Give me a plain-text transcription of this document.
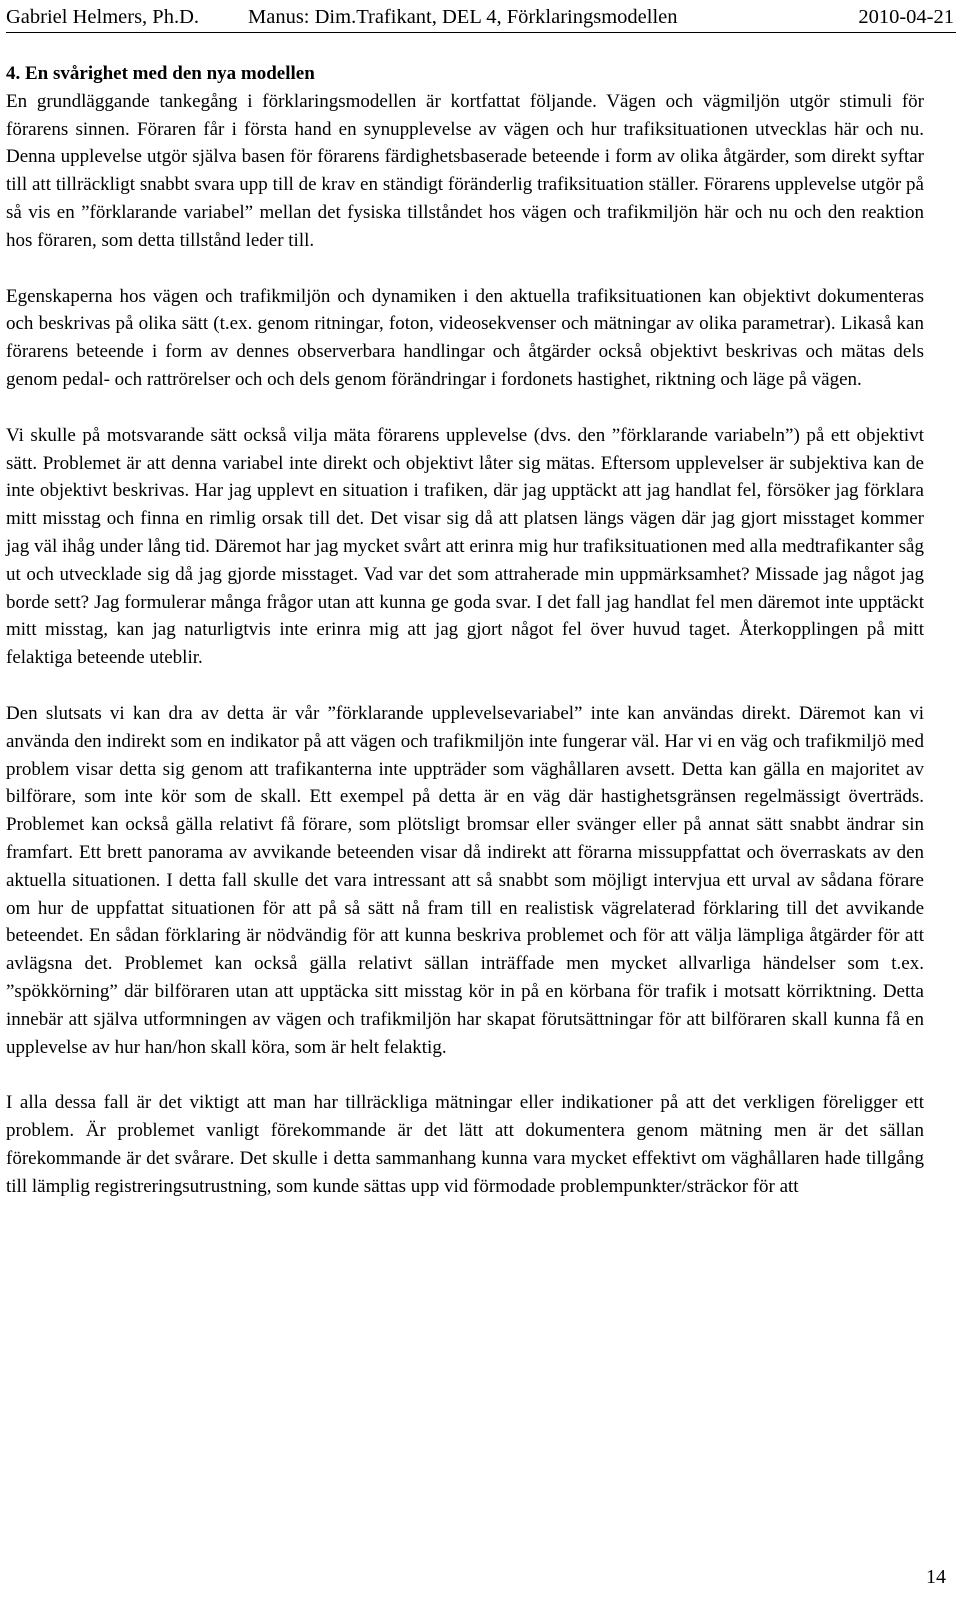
Gabriel Helmers, Ph.D. Manus: Dim.Trafikant, DEL 4, Förklaringsmodellen	2010-04-21
4. En svårighet med den nya modellen

En grundläggande tankegång i förklaringsmodellen är kortfattat följande. Vägen och vägmiljön utgör stimuli för förarens sinnen. Föraren får i första hand en synupplevelse av vägen och hur trafiksituationen utvecklas här och nu. Denna upplevelse utgör själva basen för förarens färdighetsbaserade beteende i form av olika åtgärder, som direkt syftar till att tillräckligt snabbt svara upp till de krav en ständigt föränderlig trafiksituation ställer. Förarens upplevelse utgör på så vis en ”förklarande variabel” mellan det fysiska tillståndet hos vägen och trafikmiljön här och nu och den reaktion hos föraren, som detta tillstånd leder till.

Egenskaperna hos vägen och trafikmiljön och dynamiken i den aktuella trafiksituationen kan objektivt dokumenteras och beskrivas på olika sätt (t.ex. genom ritningar, foton, videosekvenser och mätningar av olika parametrar). Likaså kan förarens beteende i form av dennes observerbara handlingar och åtgärder också objektivt beskrivas och mätas dels genom pedal- och rattrörelser och och dels genom förändringar i fordonets hastighet, riktning och läge på vägen.

Vi skulle på motsvarande sätt också vilja mäta förarens upplevelse (dvs. den ”förklarande variabeln”) på ett objektivt sätt. Problemet är att denna variabel inte direkt och objektivt låter sig mätas. Eftersom upplevelser är subjektiva kan de inte objektivt beskrivas. Har jag upplevt en situation i trafiken, där jag upptäckt att jag handlat fel, försöker jag förklara mitt misstag och finna en rimlig orsak till det. Det visar sig då att platsen längs vägen där jag gjort misstaget kommer jag väl ihåg under lång tid. Däremot har jag mycket svårt att erinra mig hur trafiksituationen med alla medtrafikanter såg ut och utvecklade sig då jag gjorde misstaget. Vad var det som attraherade min uppmärksamhet? Missade jag något jag borde sett? Jag formulerar många frågor utan att kunna ge goda svar. I det fall jag handlat fel men däremot inte upptäckt mitt misstag, kan jag naturligtvis inte erinra mig att jag gjort något fel över huvud taget. Återkopplingen på mitt felaktiga beteende uteblir.

Den slutsats vi kan dra av detta är vår ”förklarande upplevelsevariabel” inte kan användas direkt. Däremot kan vi använda den indirekt som en indikator på att vägen och trafikmiljön inte fungerar väl. Har vi en väg och trafikmiljö med problem visar detta sig genom att trafikanterna inte uppträder som väghållaren avsett. Detta kan gälla en majoritet av bilförare, som inte kör som de skall. Ett exempel på detta är en väg där hastighetsgränsen regelmässigt överträds. Problemet kan också gälla relativt få förare, som plötsligt bromsar eller svänger eller på annat sätt snabbt ändrar sin framfart. Ett brett panorama av avvikande beteenden visar då indirekt att förarna missuppfattat och överraskats av den aktuella situationen. I detta fall skulle det vara intressant att så snabbt som möjligt intervjua ett urval av sådana förare om hur de uppfattat situationen för att på så sätt nå fram till en realistisk vägrelaterad förklaring till det avvikande beteendet. En sådan förklaring är nödvändig för att kunna beskriva problemet och för att välja lämpliga åtgärder för att avlägsna det. Problemet kan också gälla relativt sällan inträffade men mycket allvarliga händelser som t.ex. ”spökkörning” där bilföraren utan att upptäcka sitt misstag kör in på en körbana för trafik i motsatt körriktning. Detta innebär att själva utformningen av vägen och trafikmiljön har skapat förutsättningar för att bilföraren skall kunna få en upplevelse av hur han/hon skall köra, som är helt felaktig.

I alla dessa fall är det viktigt att man har tillräckliga mätningar eller indikationer på att det verkligen föreligger ett problem. Är problemet vanligt förekommande är det lätt att dokumentera genom mätning men är det sällan förekommande är det svårare. Det skulle i detta sammanhang kunna vara mycket effektivt om väghållaren hade tillgång till lämplig registreringsutrustning, som kunde sättas upp vid förmodade problempunkter/sträckor för att

14
